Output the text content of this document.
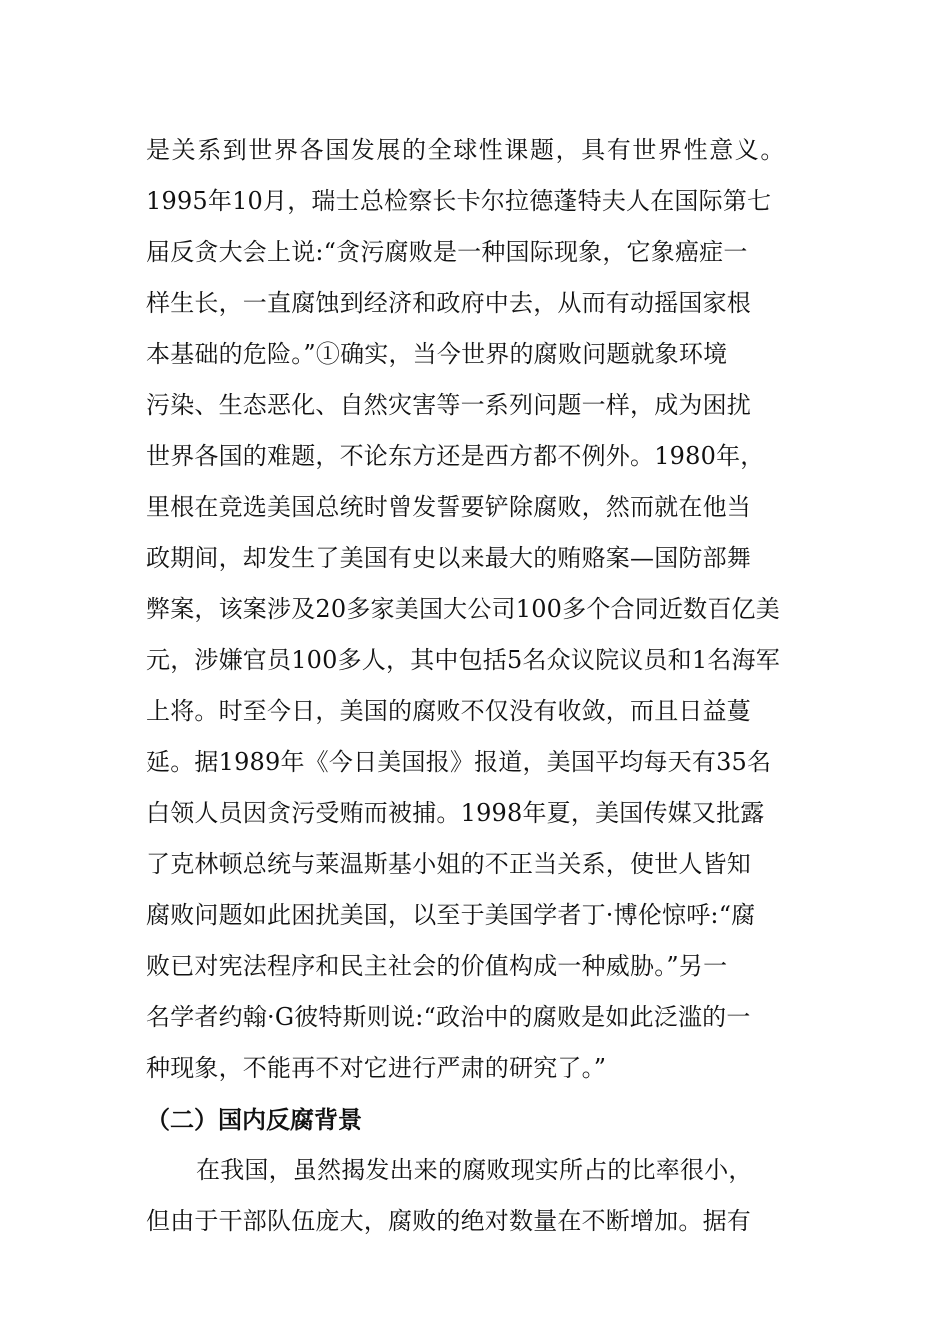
是关系到世界各国发展的全球性课题，具有世界性意义。
1995年10月，瑞士总检察长卡尔拉德蓬特夫人在国际第七
届反贪大会上说:“贪污腐败是一种国际现象，它象癌症一
样生长，一直腐蚀到经济和政府中去，从而有动摇国家根
本基础的危险。”①确实，当今世界的腐败问题就象环境
污染、生态恶化、自然灾害等一系列问题一样，成为困扰
世界各国的难题，不论东方还是西方都不例外。1980年，
里根在竞选美国总统时曾发誓要铲除腐败，然而就在他当
政期间，却发生了美国有史以来最大的贿赂案—国防部舞
弊案，该案涉及20多家美国大公司100多个合同近数百亿美
元，涉嫌官员100多人，其中包括5名众议院议员和1名海军
上将。时至今日，美国的腐败不仅没有收敛，而且日益蔓
延。据1989年《今日美国报》报道，美国平均每天有35名
白领人员因贪污受贿而被捕。1998年夏，美国传媒又批露
了克林顿总统与莱温斯基小姐的不正当关系，使世人皆知
腐败问题如此困扰美国，以至于美国学者丁·博伦惊呼:“腐
败已对宪法程序和民主社会的价值构成一种威胁。”另一
名学者约翰·G彼特斯则说:“政治中的腐败是如此泛滥的一
种现象，不能再不对它进行严肃的研究了。”
（二）国内反腐背景
在我国，虽然揭发出来的腐败现实所占的比率很小，
但由于干部队伍庞大，腐败的绝对数量在不断增加。据有
